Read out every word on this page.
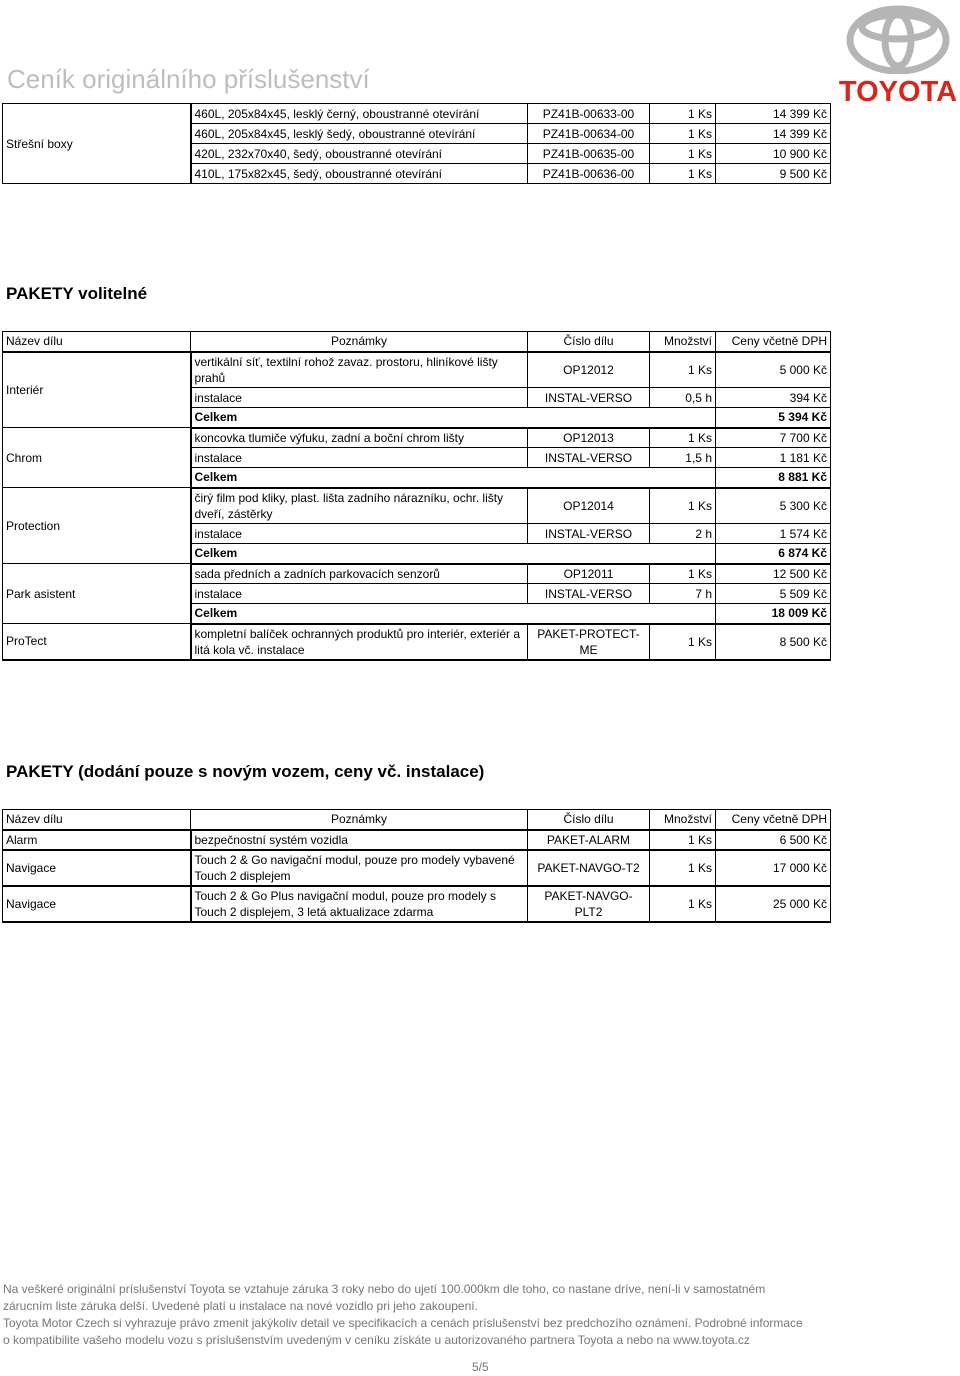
Ceník originálního příslušenství	TOYOTA
Střešní boxy	460L, 205x84x45, lesklý černý, oboustranné otevírání	PZ41B-00633-00	1 Ks	14 399 Kč
	460L, 205x84x45, lesklý šedý, oboustranné otevírání	PZ41B-00634-00	1 Ks	14 399 Kč
	420L, 232x70x40, šedý, oboustranné otevírání	PZ41B-00635-00	1 Ks	10 900 Kč
	410L, 175x82x45, šedý, oboustranné otevírání	PZ41B-00636-00	1 Ks	9 500 Kč
PAKETY volitelné
Název dílu	Poznámky	Číslo dílu	Množství	Ceny včetně DPH
Interiér	vertikální síť, textilní rohož zavaz. prostoru, hliníkové lišty prahů	OP12012	1 Ks	5 000 Kč
	instalace	INSTAL-VERSO	0,5 h	394 Kč
	Celkem			5 394 Kč
Chrom	koncovka tlumiče výfuku, zadní a boční chrom lišty	OP12013	1 Ks	7 700 Kč
	instalace	INSTAL-VERSO	1,5 h	1 181 Kč
	Celkem			8 881 Kč
Protection	čirý film pod kliky, plast. lišta zadního nárazníku, ochr. lišty dveří, zástěrky	OP12014	1 Ks	5 300 Kč
	instalace	INSTAL-VERSO	2 h	1 574 Kč
	Celkem			6 874 Kč
Park asistent	sada předních a zadních parkovacích senzorů	OP12011	1 Ks	12 500 Kč
	instalace	INSTAL-VERSO	7 h	5 509 Kč
	Celkem			18 009 Kč
ProTect	kompletní balíček ochranných produktů pro interiér, exteriér a litá kola vč. instalace	PAKET-PROTECT-ME	1 Ks	8 500 Kč
PAKETY (dodání pouze s novým vozem, ceny vč. instalace)
Název dílu	Poznámky	Číslo dílu	Množství	Ceny včetně DPH
Alarm	bezpečnostní systém vozidla	PAKET-ALARM	1 Ks	6 500 Kč
Navigace	Touch 2 & Go navigační modul, pouze pro modely vybavené Touch 2 displejem	PAKET-NAVGO-T2	1 Ks	17 000 Kč
Navigace	Touch 2 & Go Plus navigační modul, pouze pro modely s Touch 2 displejem, 3 letá aktualizace zdarma	PAKET-NAVGO-PLT2	1 Ks	25 000 Kč
Na veškeré originální príslušenství Toyota se vztahuje záruka 3 roky nebo do ujetí 100.000km dle toho, co nastane dríve, není-li v samostatném
zárucním liste záruka delší. Uvedené platí u instalace na nové vozidlo pri jeho zakoupení.
Toyota Motor Czech si vyhrazuje právo zmenit jakýkoliv detail ve specifikacích a cenách príslušenství bez predchozího oznámení. Podrobné informace
o kompatibilite vašeho modelu vozu s príslušenstvím uvedeným v ceníku získáte u autorizovaného partnera Toyota a nebo na www.toyota.cz
5/5
